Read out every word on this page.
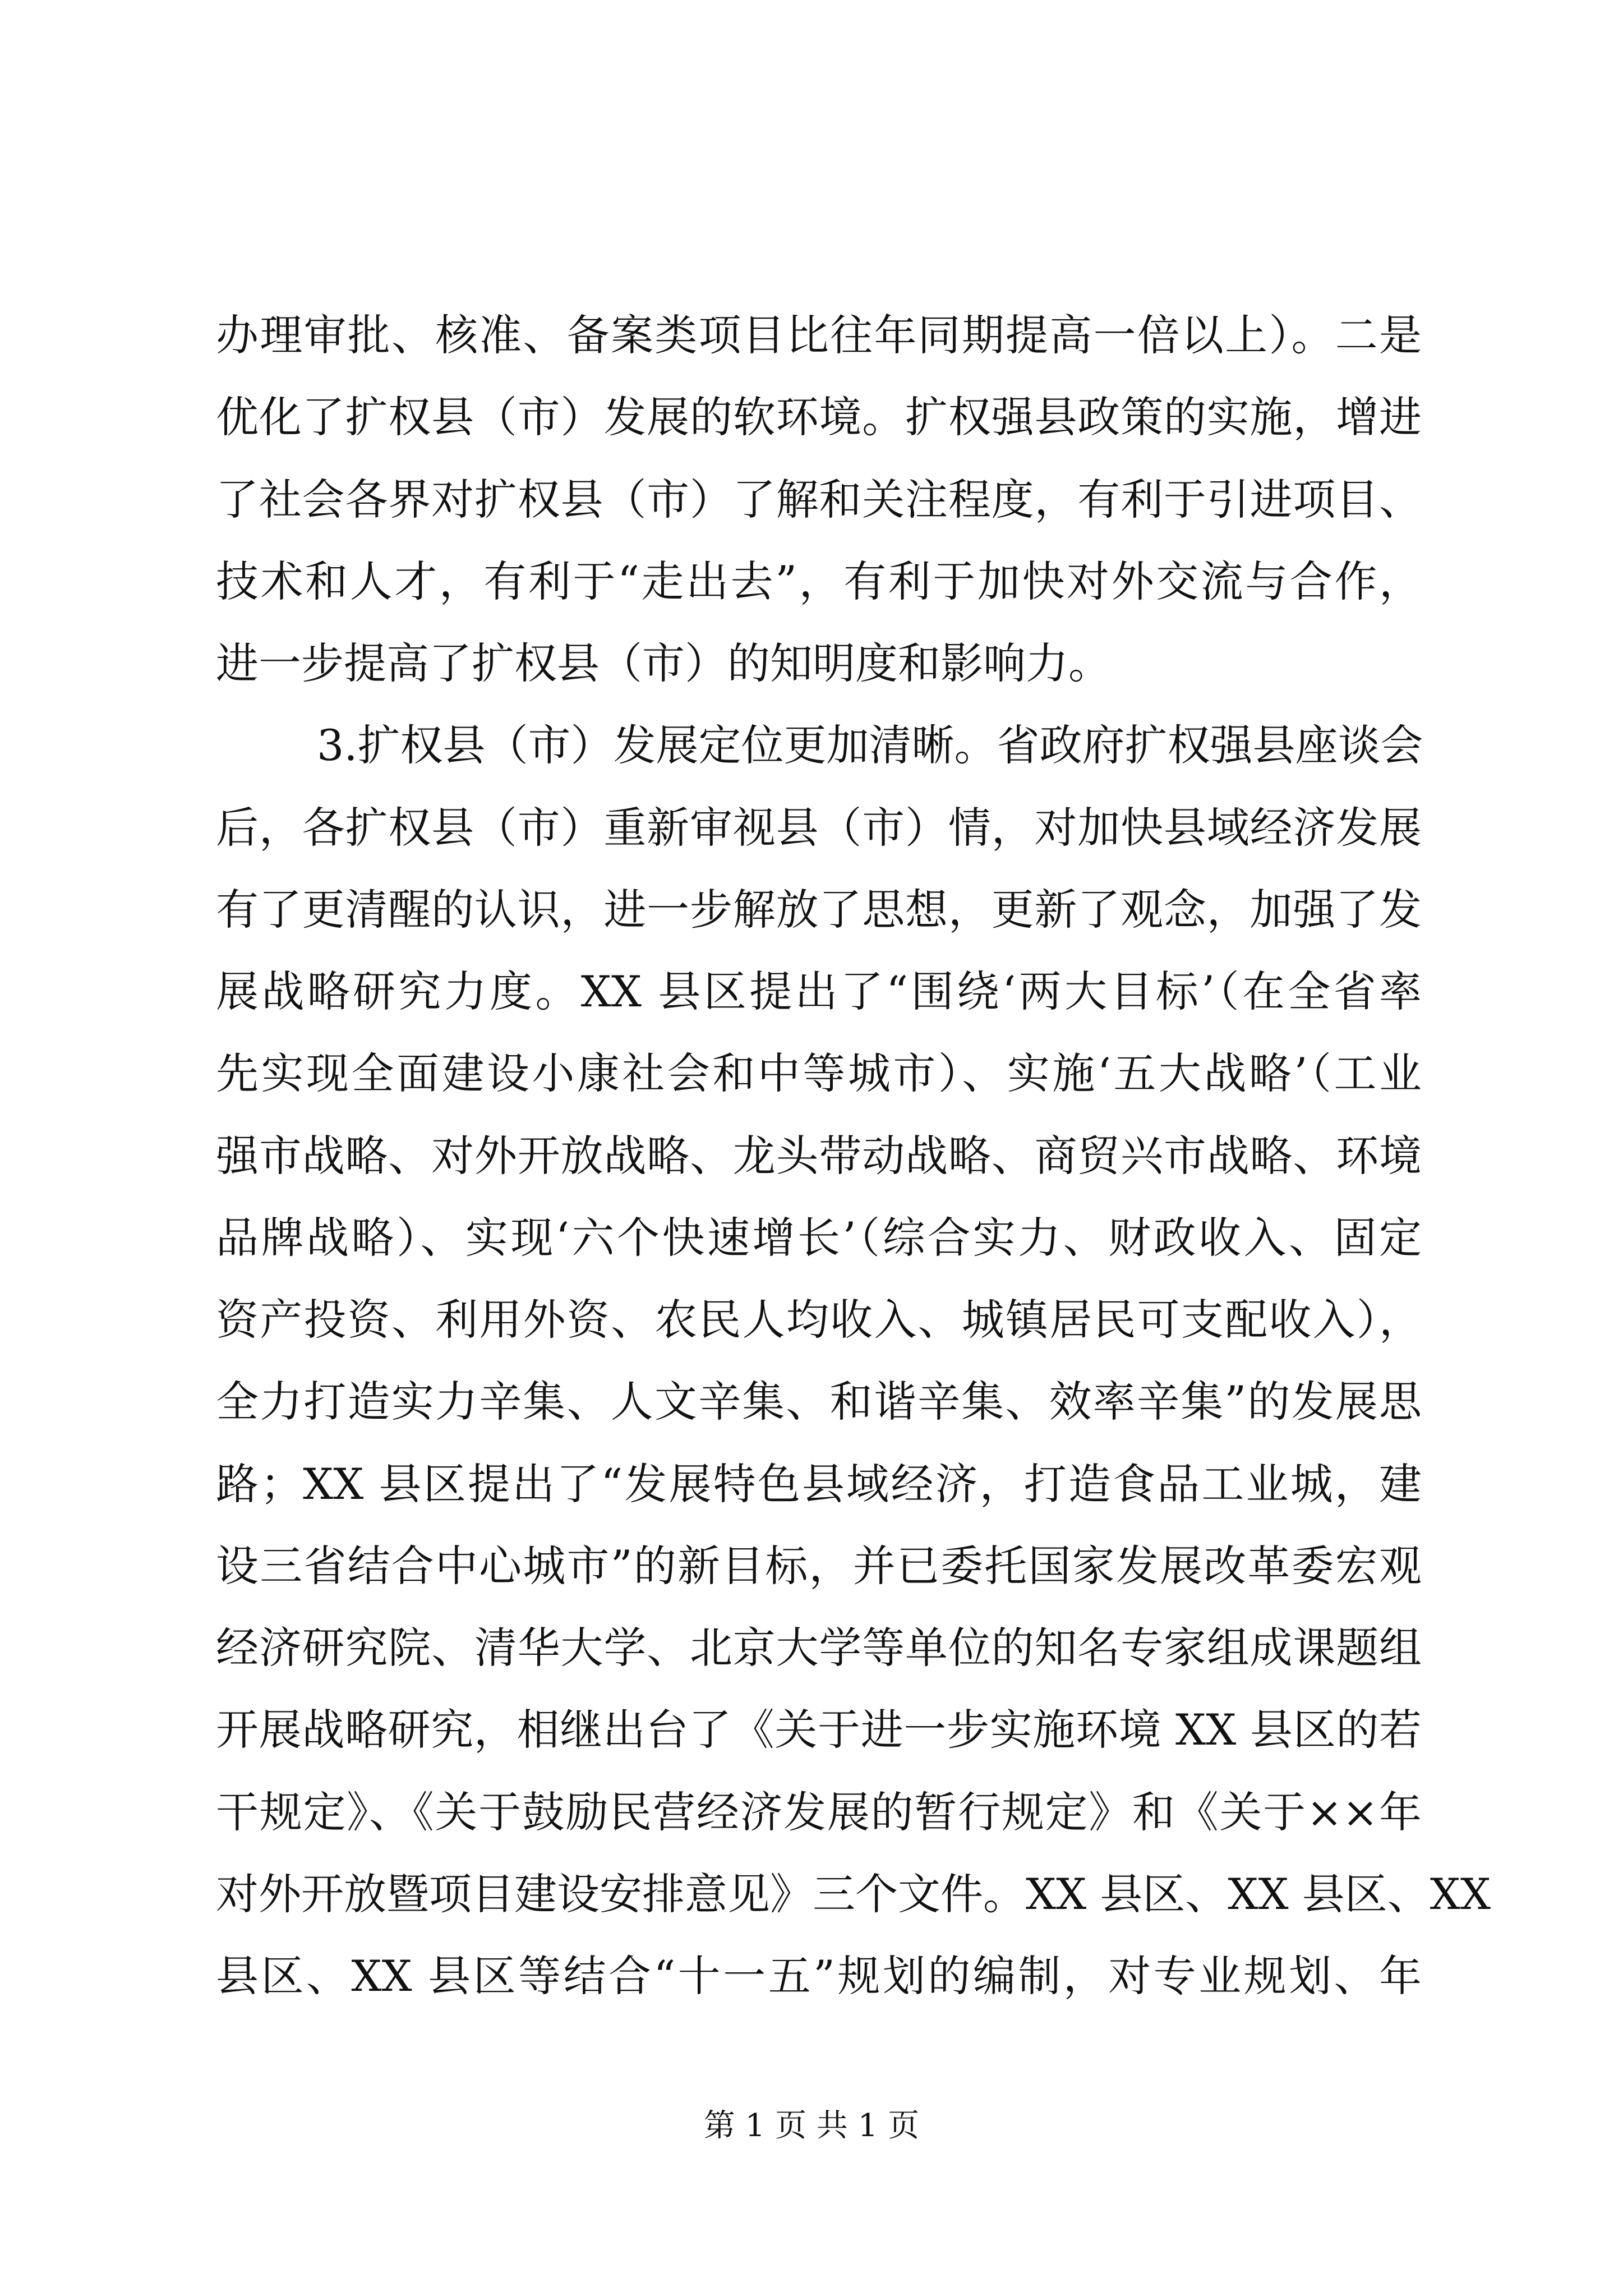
办理审批、核准、备案类项目比往年同期提高一倍以上）。二是
优化了扩权县（市）发展的软环境。扩权强县政策的实施，增进
了社会各界对扩权县（市）了解和关注程度，有利于引进项目、
技术和人才，有利于“走出去”，有利于加快对外交流与合作，
进一步提高了扩权县（市）的知明度和影响力。
3.扩权县（市）发展定位更加清晰。省政府扩权强县座谈会
后，各扩权县（市）重新审视县（市）情，对加快县域经济发展
有了更清醒的认识，进一步解放了思想，更新了观念，加强了发
展战略研究力度。XX 县区提出了“围绕‘两大目标’（在全省率
先实现全面建设小康社会和中等城市）、实施‘五大战略’（工业
强市战略、对外开放战略、龙头带动战略、商贸兴市战略、环境
品牌战略）、实现‘六个快速增长’（综合实力、财政收入、固定
资产投资、利用外资、农民人均收入、城镇居民可支配收入），
全力打造实力辛集、人文辛集、和谐辛集、效率辛集”的发展思
路；XX 县区提出了“发展特色县域经济，打造食品工业城，建
设三省结合中心城市”的新目标，并已委托国家发展改革委宏观
经济研究院、清华大学、北京大学等单位的知名专家组成课题组
开展战略研究，相继出台了《关于进一步实施环境 XX 县区的若
干规定》、《关于鼓励民营经济发展的暂行规定》和《关于××年
对外开放暨项目建设安排意见》三个文件。XX 县区、XX 县区、XX
县区、XX 县区等结合“十一五”规划的编制，对专业规划、年
第 1 页 共 1 页
